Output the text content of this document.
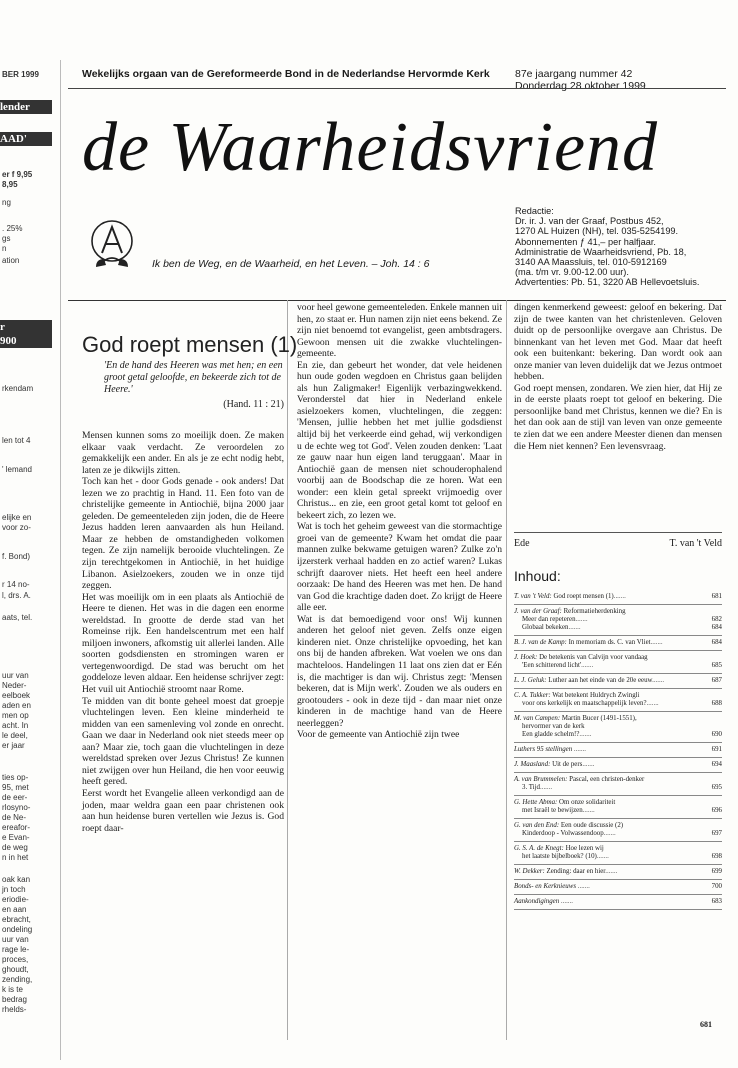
BER 1999
lender
AAD'
er f 9,95
8,95
ng
. 25%
gs
n
ation
r
900
rkendam
len tot 4
' lemand
elijke en
voor zo-
f. Bond)
r 14 no-
l, drs. A.
aats, tel.
uur van
Neder-
eelboek
aden en
men op
acht. In
le deel,
er jaar
ties op-
95, met
de eer-
rlosyno-
de Ne-
ereafor-
e Evan-
de weg
n in het
oak kan
jn toch
eriodie-
en aan
ebracht,
ondeling
uur van
rage le-
proces,
ghoudt,
zending,
k is te
bedrag
rhelds-
Wekelijks orgaan van de Gereformeerde Bond in de Nederlandse Hervormde Kerk 87e jaargang nummer 42
Donderdag 28 oktober 1999
de Waarheidsvriend
Ik ben de Weg, en de Waarheid, en het Leven. – Joh. 14 : 6
Redactie:
Dr. ir. J. van der Graaf, Postbus 452,
1270 AL Huizen (NH), tel. 035-5254199.
Abonnementen ƒ 41,– per halfjaar.
Administratie de Waarheidsvriend, Pb. 18,
3140 AA Maassluis, tel. 010-5912169
(ma. t/m vr. 9.00-12.00 uur).
Advertenties: Pb. 51, 3220 AB Hellevoetsluis.
God roept mensen (1)
'En de hand des Heeren was met hen; en een groot getal geloofde, en bekeerde zich tot de Heere.'
(Hand. 11 : 21)

Mensen kunnen soms zo moeilijk doen. Ze maken elkaar vaak verdacht. Ze veroordelen zo gemakkelijk een ander. En als je ze echt nodig hebt, laten ze je dikwijls zitten.

Toch kan het - door Gods genade - ook anders! Dat lezen we zo prachtig in Hand. 11. Een foto van de christelijke gemeente in Antiochië, bijna 2000 jaar geleden. De gemeenteleden zijn joden, die de Heere Jezus hadden leren aanvaarden als hun Heiland. Maar ze hebben de omstandigheden volkomen tegen. Ze zijn namelijk berooide vluchtelingen. Ze zijn terechtgekomen in Antiochië, in het huidige Libanon. Asielzoekers, zouden we in onze tijd zeggen.

Het was moeilijk om in een plaats als Antiochië de Heere te dienen. Het was in die dagen een enorme wereldstad. In grootte de derde stad van het Romeinse rijk. Een handelscentrum met een half miljoen inwoners, afkomstig uit allerlei landen. Alle soorten godsdiensten en stromingen waren er vertegenwoordigd. De stad was berucht om het goddeloze leven aldaar. Een heidense schrijver zegt: Het vuil uit Antiochië stroomt naar Rome.

Te midden van dit bonte geheel moest dat groepje vluchtelingen leven. Een kleine minderheid te midden van een samenleving vol zonde en onrecht. Gaan we daar in Nederland ook niet steeds meer op aan? Maar zie, toch gaan die vluchtelingen in deze wereldstad spreken over Jezus Christus! Ze kunnen niet zwijgen over hun Heiland, die hen voor eeuwig heeft gered.

Eerst wordt het Evangelie alleen verkondigd aan de joden, maar weldra gaan een paar christenen ook aan hun heidense buren vertellen wie Jezus is. God roept daar-

voor heel gewone gemeenteleden. Enkele mannen uit hen, zo staat er. Hun namen zijn niet eens bekend. Ze zijn niet benoemd tot evangelist, geen ambtsdragers. Gewoon mensen uit die zwakke vluchtelingen-gemeente.

En zie, dan gebeurt het wonder, dat vele heidenen hun oude goden wegdoen en Christus gaan belijden als hun Zaligmaker! Eigenlijk verbazingwekkend. Veronderstel dat hier in Nederland enkele asielzoekers komen, vluchtelingen, die zeggen: 'Mensen, jullie hebben het met jullie godsdienst altijd bij het verkeerde eind gehad, wij verkondigen u de echte weg tot God'. Velen zouden denken: 'Laat ze gauw naar hun eigen land teruggaan'. Maar in Antiochië gaan de mensen niet schouderophalend voorbij aan de Boodschap die ze horen. Wat een wonder: een klein getal spreekt vrijmoedig over Christus... en zie, een groot getal komt tot geloof en bekeert zich, zo lezen we.

Wat is toch het geheim geweest van die stormachtige groei van de gemeente? Kwam het omdat die paar mannen zulke bekwame getuigen waren? Zulke zo'n ijzersterk verhaal hadden en zo actief waren? Lukas schrijft daarover niets. Het heeft een heel andere oorzaak: De hand des Heeren was met hen. De hand van God die krachtige daden doet. Zo krijgt de Heere alle eer.

Wat is dat bemoedigend voor ons! Wij kunnen anderen het geloof niet geven. Zelfs onze eigen kinderen niet. Onze christelijke opvoeding, het kan ons bij de handen afbreken. Wat voelen we ons dan machteloos. Handelingen 11 laat ons zien dat er Eén is, die machtiger is dan wij. Christus zegt: 'Mensen bekeren, dat is Mijn werk'. Zouden we als ouders en grootouders - ook in deze tijd - dan maar niet onze kinderen in de machtige hand van de Heere neerleggen?

Voor de gemeente van Antiochië zijn twee

dingen kenmerkend geweest: geloof en bekering. Dat zijn de twee kanten van het christenleven. Geloven duidt op de persoonlijke overgave aan Christus. De binnenkant van het leven met God. Maar dat heeft ook een buitenkant: bekering. Dan wordt ook aan onze manier van leven duidelijk dat we Jezus ontmoet hebben.

God roept mensen, zondaren. We zien hier, dat Hij ze in de eerste plaats roept tot geloof en bekering. Die persoonlijke band met Christus, kennen we die? En is het dan ook aan de stijl van leven van onze gemeente te zien dat we een andere Meester dienen dan mensen die Hem niet kennen? Een levensvraag.

Ede	T. van 't Veld
Inhoud:
T. van 't Veld: God roept mensen (1).......	681
J. van der Graaf: Reformatieherdenking
Meer dan repeteren.......	682
Globaal bekeken.......	684
B. J. van de Kamp: In memoriam ds. C. van Vliet.......	684
J. Hoek: De betekenis van Calvijn voor vandaag
'Een schitterend licht'.......	685
L. J. Geluk: Luther aan het einde van de 20e eeuw.......	687
C. A. Tukker: Wat betekent Huldrych Zwingli
voor ons kerkelijk en maatschappelijk leven?.......	688
M. van Campen: Martin Bucer (1491-1551),
hervormer van de kerk
Een gladde schelm!?.......	690
Luthers 95 stellingen .......	691
J. Maasland: Uit de pers.......	694
A. van Brummelen: Pascal, een christen-denker
3. Tijd.......	695
G. Hette Abma: Om onze solidariteit
met Israël te bewijzen.......	696
G. van den End: Een oude discussie (2)
Kinderdoop - Volwassendoop.......	697
G. S. A. de Knegt: Hoe lezen wij
het laatste bijbelboek? (10).......	698
W. Dekker: Zending: daar en hier.......	699
Bonds- en Kerknieuws .......	700
Aankondigingen .......	683
681
